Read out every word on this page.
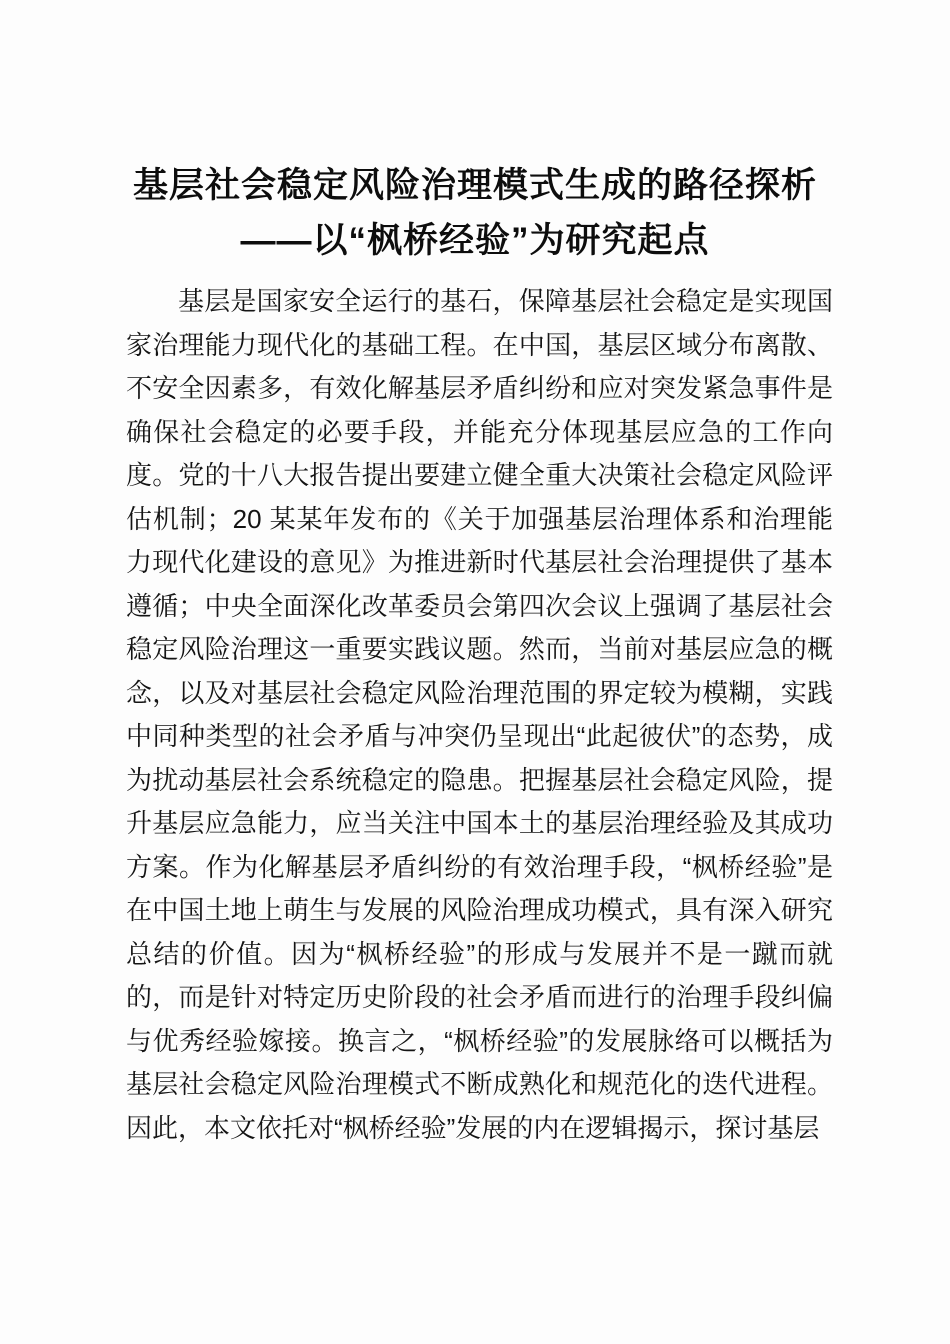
基层社会稳定风险治理模式生成的路径探析
——以“枫桥经验”为研究起点

基层是国家安全运行的基石，保障基层社会稳定是实现国家治理能力现代化的基础工程。在中国，基层区域分布离散、不安全因素多，有效化解基层矛盾纠纷和应对突发紧急事件是确保社会稳定的必要手段，并能充分体现基层应急的工作向度。党的十八大报告提出要建立健全重大决策社会稳定风险评估机制；20 某某年发布的《关于加强基层治理体系和治理能力现代化建设的意见》为推进新时代基层社会治理提供了基本遵循；中央全面深化改革委员会第四次会议上强调了基层社会稳定风险治理这一重要实践议题。然而，当前对基层应急的概念，以及对基层社会稳定风险治理范围的界定较为模糊，实践中同种类型的社会矛盾与冲突仍呈现出“此起彼伏”的态势，成为扰动基层社会系统稳定的隐患。把握基层社会稳定风险，提升基层应急能力，应当关注中国本土的基层治理经验及其成功方案。作为化解基层矛盾纠纷的有效治理手段，“枫桥经验”是在中国土地上萌生与发展的风险治理成功模式，具有深入研究总结的价值。因为“枫桥经验”的形成与发展并不是一蹴而就的，而是针对特定历史阶段的社会矛盾而进行的治理手段纠偏与优秀经验嫁接。换言之，“枫桥经验”的发展脉络可以概括为基层社会稳定风险治理模式不断成熟化和规范化的迭代进程。因此，本文依托对“枫桥经验”发展的内在逻辑揭示，探讨基层
